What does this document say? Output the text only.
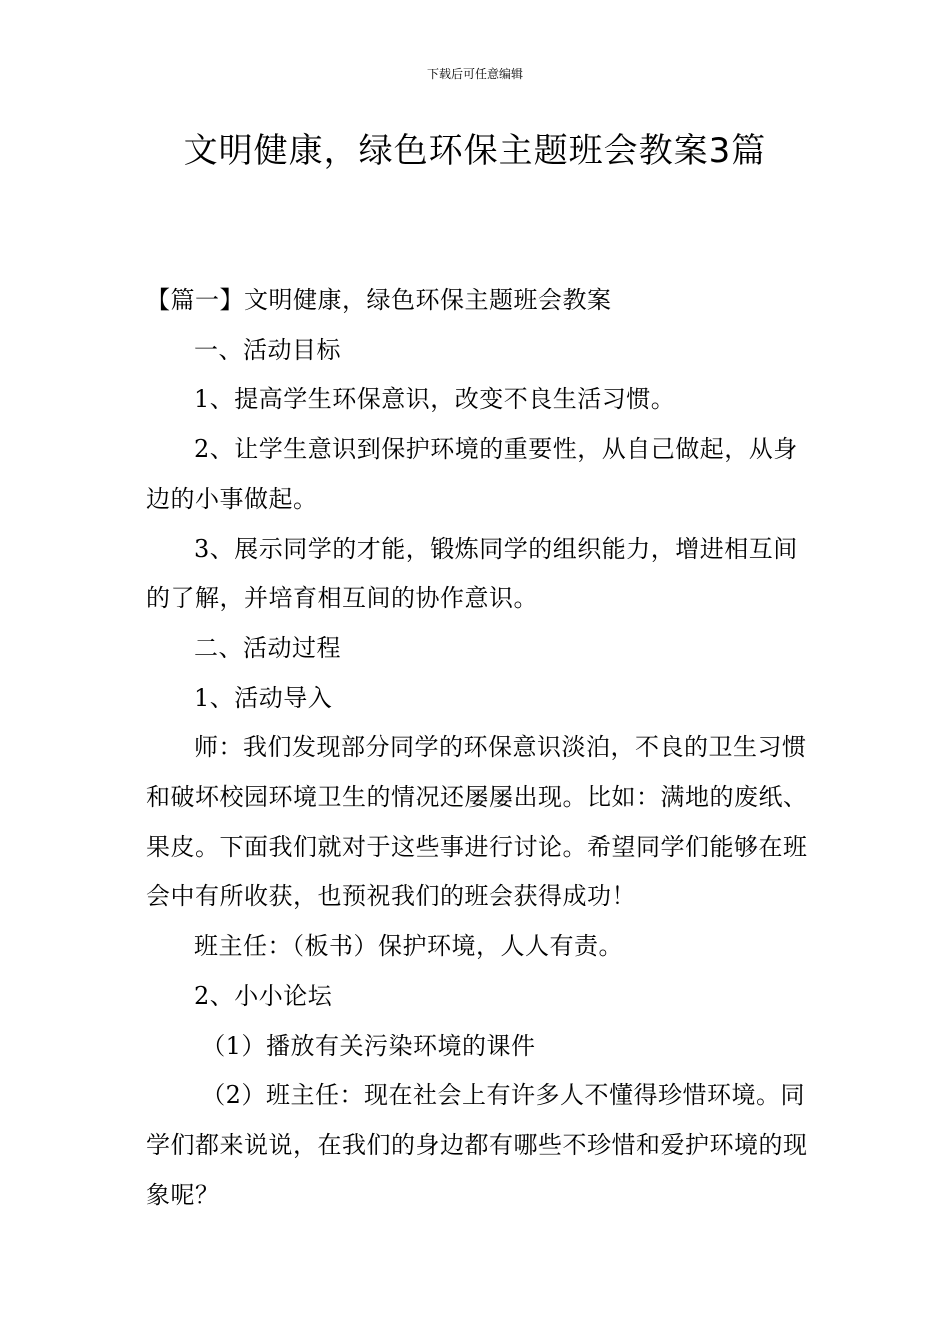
下载后可任意编辑
文明健康，绿色环保主题班会教案3篇

【篇一】文明健康，绿色环保主题班会教案

一、活动目标

1、提高学生环保意识，改变不良生活习惯。

2、让学生意识到保护环境的重要性，从自己做起，从身边的小事做起。

3、展示同学的才能，锻炼同学的组织能力，增进相互间的了解，并培育相互间的协作意识。

二、活动过程

1、活动导入

师：我们发现部分同学的环保意识淡泊，不良的卫生习惯和破坏校园环境卫生的情况还屡屡出现。比如：满地的废纸、果皮。下面我们就对于这些事进行讨论。希望同学们能够在班会中有所收获，也预祝我们的班会获得成功！

班主任：（板书）保护环境，人人有责。

2、小小论坛

（1）播放有关污染环境的课件

（2）班主任：现在社会上有许多人不懂得珍惜环境。同学们都来说说，在我们的身边都有哪些不珍惜和爱护环境的现象呢？
